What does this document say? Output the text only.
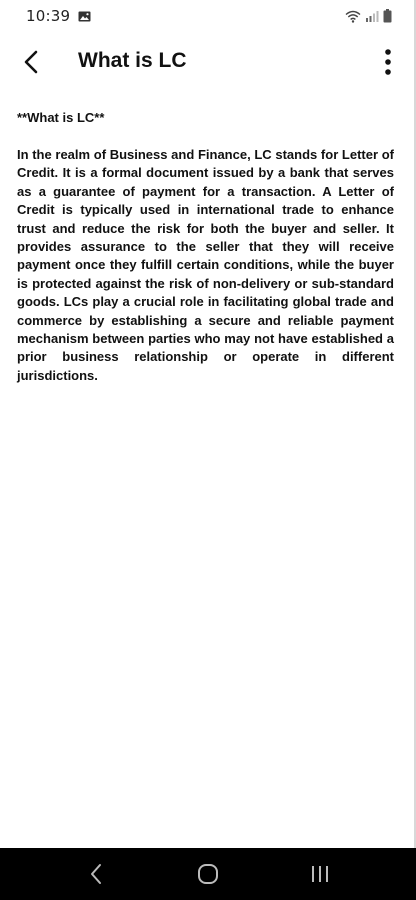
10:39
What is LC

**What is LC**

In the realm of Business and Finance, LC stands for Letter of Credit. It is a formal document issued by a bank that serves as a guarantee of payment for a transaction. A Letter of Credit is typically used in international trade to enhance trust and reduce the risk for both the buyer and seller. It provides assurance to the seller that they will receive payment once they fulfill certain conditions, while the buyer is protected against the risk of non-delivery or sub-standard goods. LCs play a crucial role in facilitating global trade and commerce by establishing a secure and reliable payment mechanism between parties who may not have established a prior business relationship or operate in different jurisdictions.
